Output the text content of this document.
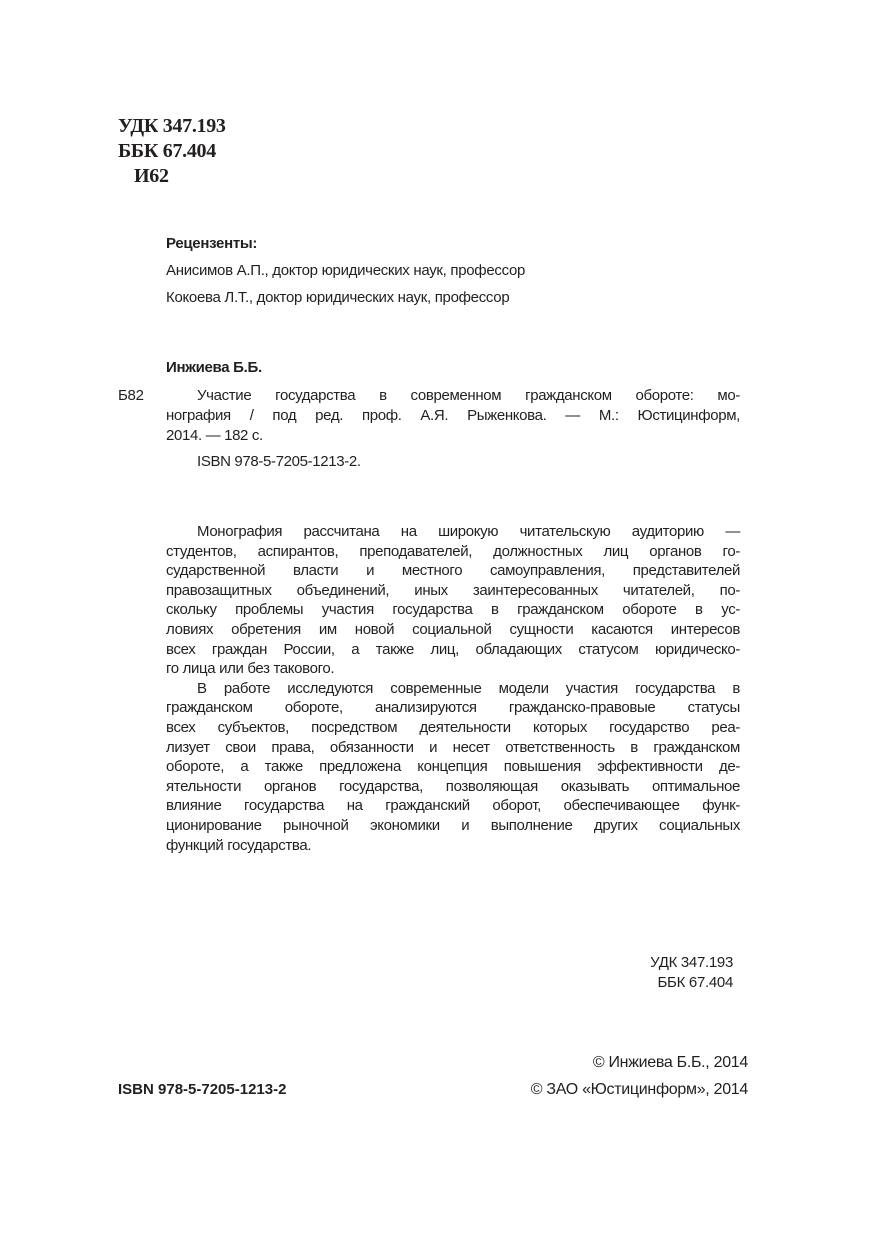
УДК 347.193
ББК 67.404
И62
Рецензенты:
Анисимов А.П., доктор юридических наук, профессор
Кокоева Л.Т., доктор юридических наук, профессор
Инжиева Б.Б.
Б82	Участие государства в современном гражданском обороте: мо-
нография / под ред. проф. А.Я. Рыженкова. — М.: Юстицинформ,
2014. — 182 с.
ISBN 978-5-7205-1213-2.
Монография рассчитана на широкую читательскую аудиторию —
студентов, аспирантов, преподавателей, должностных лиц органов го-
сударственной власти и местного самоуправления, представителей
правозащитных объединений, иных заинтересованных читателей, по-
скольку проблемы участия государства в гражданском обороте в ус-
ловиях обретения им новой социальной сущности касаются интересов
всех граждан России, а также лиц, обладающих статусом юридическо-
го лица или без такового.
В работе исследуются современные модели участия государства в
гражданском обороте, анализируются гражданско-правовые статусы
всех субъектов, посредством деятельности которых государство реа-
лизует свои права, обязанности и несет ответственность в гражданском
обороте, а также предложена концепция повышения эффективности де-
ятельности органов государства, позволяющая оказывать оптимальное
влияние государства на гражданский оборот, обеспечивающее функ-
ционирование рыночной экономики и выполнение других социальных
функций государства.
УДК 347.193
ББК 67.404
ISBN 978-5-7205-1213-2
© Инжиева Б.Б., 2014
© ЗАО «Юстицинформ», 2014
